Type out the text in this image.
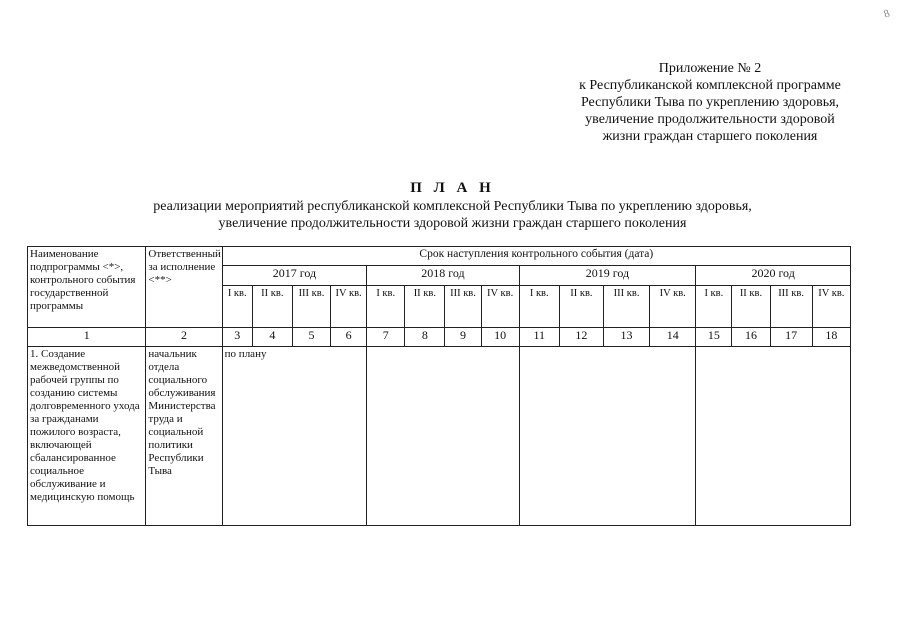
8
Приложение № 2
к Республиканской комплексной программе
Республики Тыва по укреплению здоровья,
увеличение продолжительности здоровой
жизни граждан старшего поколения
П Л А Н
реализации мероприятий республиканской комплексной Республики Тыва по укреплению здоровья,
увеличение продолжительности здоровой жизни граждан старшего поколения
Наименование подпрограммы <*>, контрольного события государственной программы	Ответственный за исполнение <**>	Срок наступления контрольного события (дата)															
		2017 год				2018 год				2019 год				2020 год			
		I кв.	II кв.	III кв.	IV кв.	I кв.	II кв.	III кв.	IV кв.	I кв.	II кв.	III кв.	IV кв.	I кв.	II кв.	III кв.	IV кв.
1	2	3	4	5	6	7	8	9	10	11	12	13	14	15	16	17	18
1. Создание межведомственной рабочей группы по созданию системы долговременного ухода за гражданами пожилого возраста, включающей сбалансированное социальное обслуживание и медицинскую помощь	начальник отдела социального обслуживания Министерства труда и социальной политики Республики Тыва	по плану															
